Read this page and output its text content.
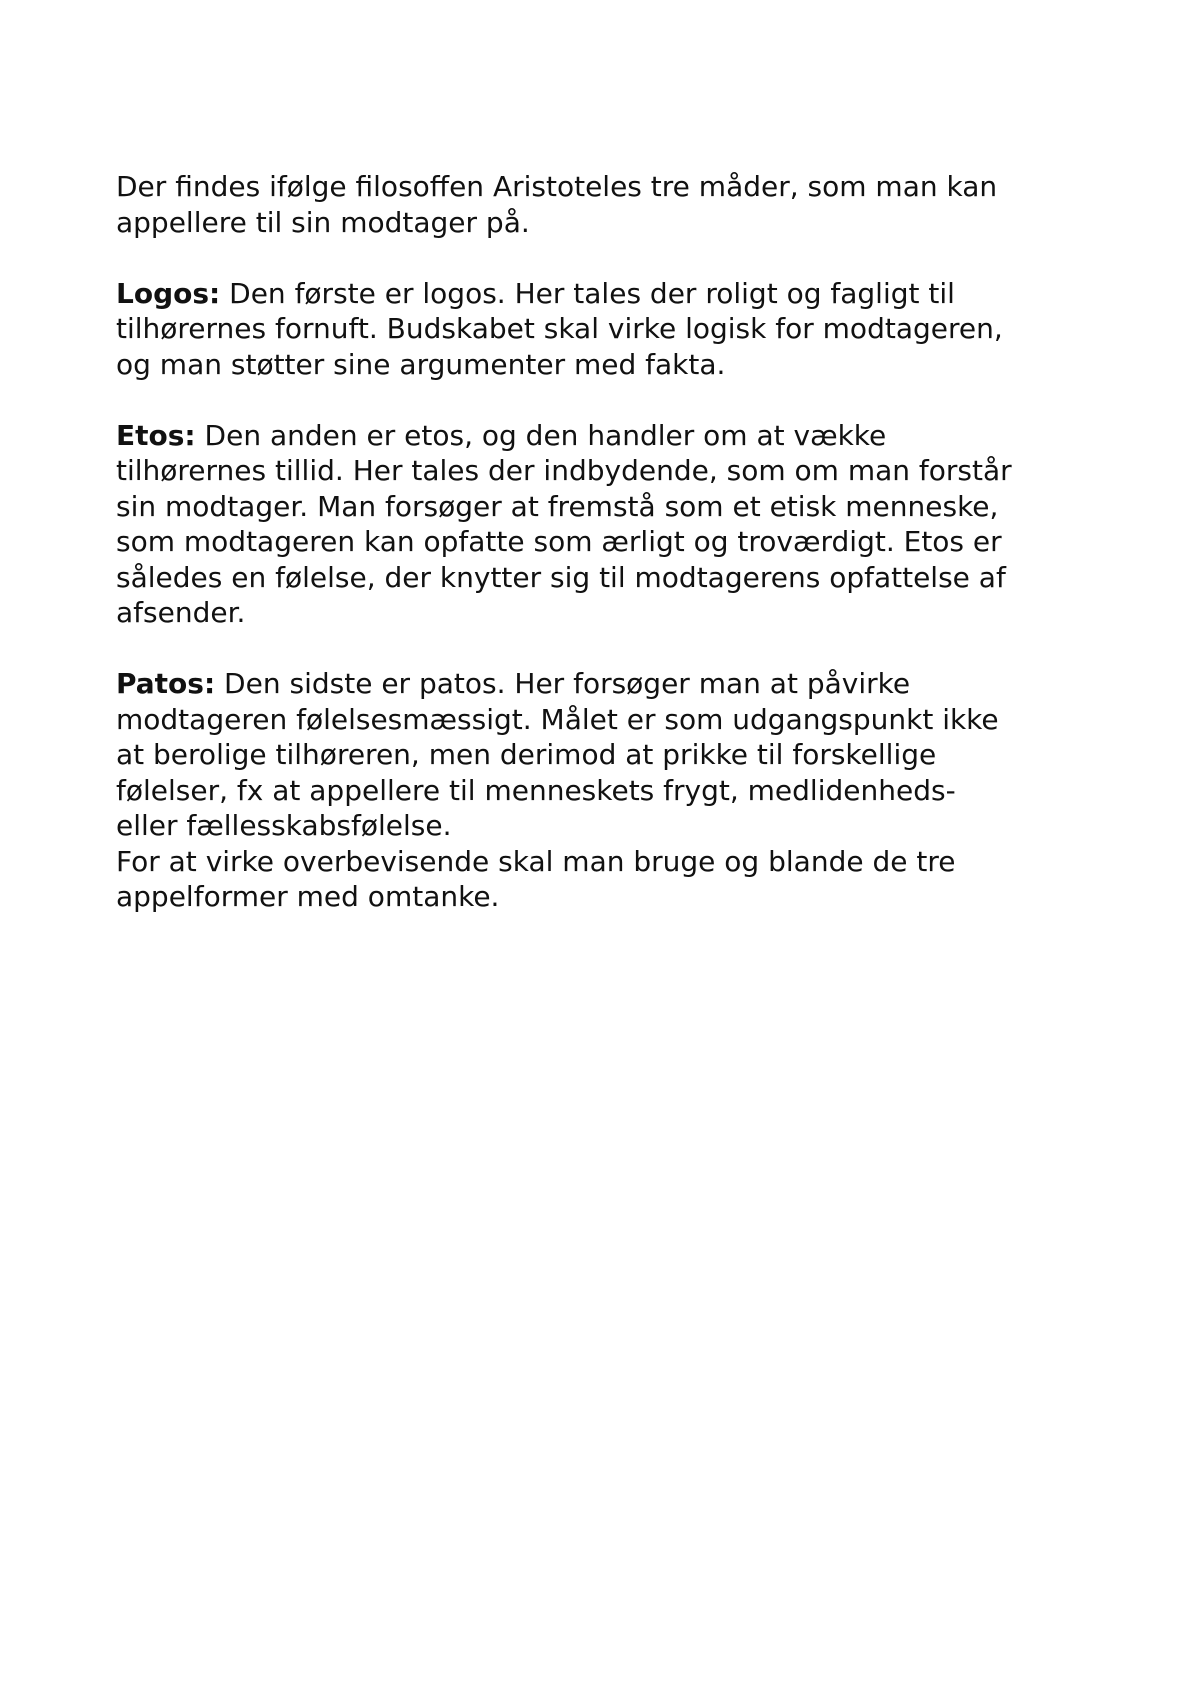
Der findes ifølge filosoffen Aristoteles tre måder, som man kan
appellere til sin modtager på.

Logos: Den første er logos. Her tales der roligt og fagligt til
tilhørernes fornuft. Budskabet skal virke logisk for modtageren,
og man støtter sine argumenter med fakta.

Etos: Den anden er etos, og den handler om at vække
tilhørernes tillid. Her tales der indbydende, som om man forstår
sin modtager. Man forsøger at fremstå som et etisk menneske,
som modtageren kan opfatte som ærligt og troværdigt. Etos er
således en følelse, der knytter sig til modtagerens opfattelse af
afsender.

Patos: Den sidste er patos. Her forsøger man at påvirke
modtageren følelsesmæssigt. Målet er som udgangspunkt ikke
at berolige tilhøreren, men derimod at prikke til forskellige
følelser, fx at appellere til menneskets frygt, medlidenheds-
eller fællesskabsfølelse.

For at virke overbevisende skal man bruge og blande de tre
appelformer med omtanke.
